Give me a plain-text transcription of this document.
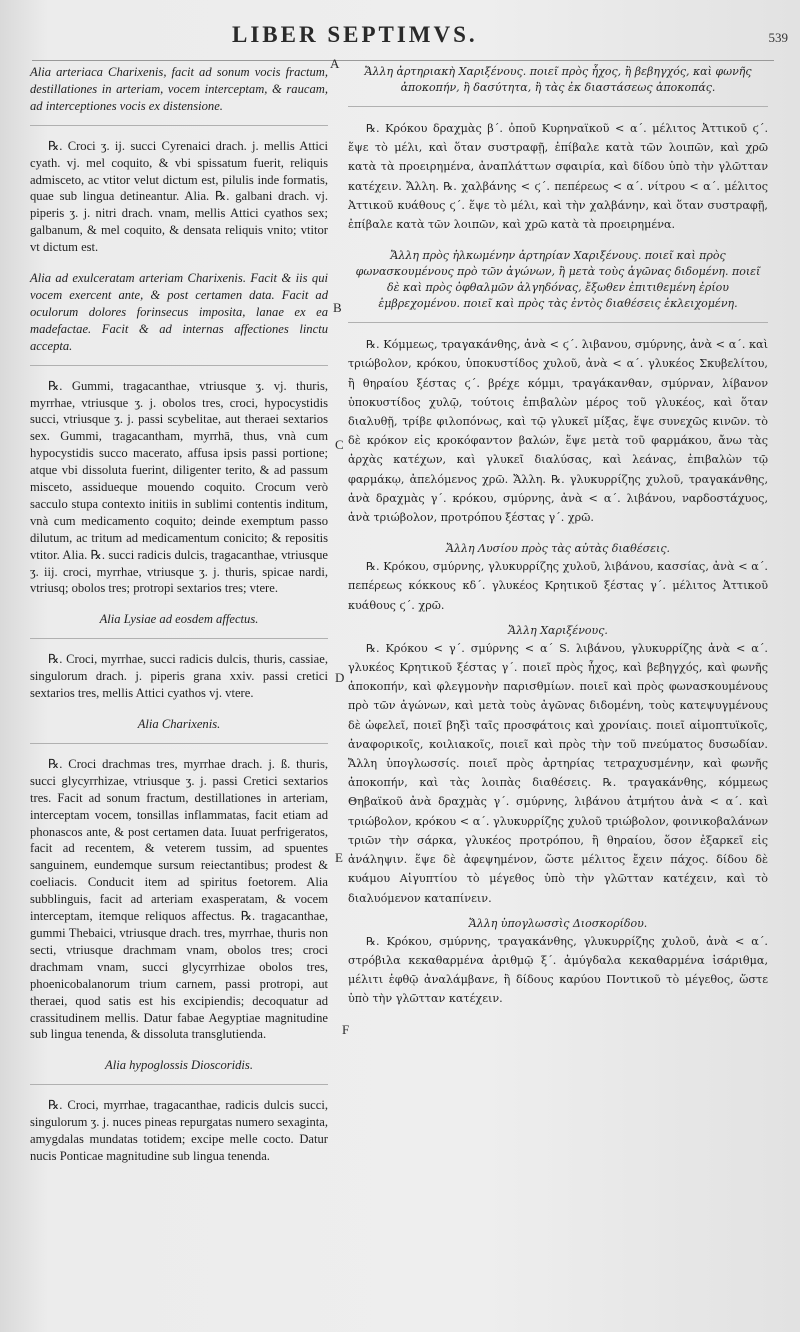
LIBER SEPTIMVS.	539
A
B
C
D
E
F

Alia arteriaca Charixenis, facit ad sonum vocis fractum, destillationes in arteriam, vocem interceptam, & raucam, ad interceptiones vocis ex distensione.

℞. Croci ʒ. ij. succi Cyrenaici drach. j. mellis Attici cyath. vj. mel coquito, & vbi spissatum fuerit, reliquis admisceto, ac vtitor velut dictum est, pilulis inde formatis, quae sub lingua detineantur. Alia. ℞. galbani drach. vj. piperis ʒ. j. nitri drach. vnam, mellis Attici cyathos sex; galbanum, & mel coquito, & densata reliquis vnito; vtitor vt dictum est.

Alia ad exulceratam arteriam Charixenis. Facit & iis qui vocem exercent ante, & post certamen data. Facit ad oculorum dolores forinsecus imposita, lanae ex ea madefactae. Facit & ad internas affectiones linctu accepta.

℞. Gummi, tragacanthae, vtriusque ʒ. vj. thuris, myrrhae, vtriusque ʒ. j. obolos tres, croci, hypocystidis succi, vtriusque ʒ. j. passi scybelitae, aut theraei sextarios sex. Gummi, tragacantham, myrrhā, thus, vnà cum hypocystidis succo macerato, affusa ipsis passi portione; atque vbi dissoluta fuerint, diligenter terito, & ad passum misceto, assidueque mouendo coquito. Crocum verò sacculo stupa contexto initiis in sublimi contentis inditum, vnà cum medicamento coquito; deinde exemptum passo dilutum, ac tritum ad medicamentum conicito; & repositis vtitor. Alia. ℞. succi radicis dulcis, tragacanthae, vtriusque ʒ. iij. croci, myrrhae, vtriusque ʒ. j. thuris, spicae nardi, vtriusq; obolos tres; protropi sextarios tres; vtere.

Alia Lysiae ad eosdem affectus.

℞. Croci, myrrhae, succi radicis dulcis, thuris, cassiae, singulorum drach. j. piperis grana xxiv. passi cretici sextarios tres, mellis Attici cyathos vj. vtere.

Alia Charixenis.

℞. Croci drachmas tres, myrrhae drach. j. ß. thuris, succi glycyrrhizae, vtriusque ʒ. j. passi Cretici sextarios tres. Facit ad sonum fractum, destillationes in arteriam, interceptam vocem, tonsillas inflammatas, facit etiam ad phonascos ante, & post certamen data. Iuuat perfrigeratos, facit ad recentem, & veterem tussim, ad spuentes sanguinem, eundemque sursum reiectantibus; prodest & coeliacis. Conducit item ad spiritus foetorem. Alia subblinguis, facit ad arteriam exasperatam, & vocem interceptam, itemque reliquos affectus. ℞. tragacanthae, gummi Thebaici, vtriusque drach. tres, myrrhae, thuris non secti, vtriusque drachmam vnam, obolos tres; croci drachmam vnam, succi glycyrrhizae obolos tres, phoenicobalanorum trium carnem, passi protropi, aut theraei, quod satis est his excipiendis; decoquatur ad crassitudinem mellis. Datur fabae Aegyptiae magnitudine sub lingua tenenda, & dissoluta transglutienda.

Alia hypoglossis Dioscoridis.

℞. Croci, myrrhae, tragacanthae, radicis dulcis succi, singulorum ʒ. j. nuces pineas repurgatas numero sexaginta, amygdalas mundatas totidem; excipe melle cocto. Datur nucis Ponticae magnitudine sub lingua tenenda.

Ἄλλη ἀρτηριακὴ Χαριξένους. ποιεῖ πρὸς ἦχος, ἢ βεβηγχός, καὶ φωνῆς ἀποκοπήν, ἢ δασύτητα, ἢ τὰς ἐκ διαστάσεως ἀποκοπάς.

℞. Κρόκου δραχμὰς β΄. ὀποῦ Κυρηναϊκοῦ < α΄. μέλιτος Ἀττικοῦ ϛ΄. ἕψε τὸ μέλι, καὶ ὅταν συστραφῇ, ἐπίβαλε κατὰ τῶν λοιπῶν, καὶ χρῶ κατὰ τὰ προειρημένα, ἀναπλάττων σφαιρία, καὶ δίδου ὑπὸ τὴν γλῶτταν κατέχειν. Ἄλλη. ℞. χαλβάνης < ϛ΄. πεπέρεως < α΄. νίτρου < α΄. μέλιτος Ἀττικοῦ κυάθους ϛ΄. ἕψε τὸ μέλι, καὶ τὴν χαλβάνην, καὶ ὅταν συστραφῇ, ἐπίβαλε κατὰ τῶν λοιπῶν, καὶ χρῶ κατὰ τὰ προειρημένα.

Ἄλλη πρὸς ἡλκωμένην ἀρτηρίαν Χαριξένους. ποιεῖ καὶ πρὸς φωνασκουμένους πρὸ τῶν ἀγώνων, ἢ μετὰ τοὺς ἀγῶνας διδομένη. ποιεῖ δὲ καὶ πρὸς ὀφθαλμῶν ἀλγηδόνας, ἔξωθεν ἐπιτιθεμένη ἐρίου ἐμβρεχομένου. ποιεῖ καὶ πρὸς τὰς ἐντὸς διαθέσεις ἐκλειχομένη.

℞. Κόμμεως, τραγακάνθης, ἀνὰ < ϛ΄. λιβανου, σμύρνης, ἀνὰ < α΄. καὶ τριώβολον, κρόκου, ὑποκυστίδος χυλοῦ, ἀνὰ < α΄. γλυκέος Σκυβελίτου, ἢ θηραίου ξέστας ϛ΄. βρέχε κόμμι, τραγάκανθαν, σμύρναν, λίβανον ὑποκυστίδος χυλῷ, τούτοις ἐπιβαλὼν μέρος τοῦ γλυκέος, καὶ ὅταν διαλυθῇ, τρίβε φιλοπόνως, καὶ τῷ γλυκεῖ μίξας, ἕψε συνεχῶς κινῶν. τὸ δὲ κρόκον εἰς κροκόφαντον βαλών, ἕψε μετὰ τοῦ φαρμάκου, ἄνω τὰς ἀρχὰς κατέχων, καὶ γλυκεῖ διαλύσας, καὶ λεάνας, ἐπιβαλὼν τῷ φαρμάκῳ, ἀπελόμενος χρῶ. Ἄλλη. ℞. γλυκυρρίζης χυλοῦ, τραγακάνθης, ἀνὰ δραχμὰς γ΄. κρόκου, σμύρνης, ἀνὰ < α΄. λιβάνου, ναρδοστάχυος, ἀνὰ τριώβολον, προτρόπου ξέστας γ΄. χρῶ.

Ἄλλη Λυσίου πρὸς τὰς αὐτὰς διαθέσεις.

℞. Κρόκου, σμύρνης, γλυκυρρίζης χυλοῦ, λιβάνου, κασσίας, ἀνὰ < α΄. πεπέρεως κόκκους κδ΄. γλυκέος Κρητικοῦ ξέστας γ΄. μέλιτος Ἀττικοῦ κυάθους ϛ΄. χρῶ.

Ἄλλη Χαριξένους.

℞. Κρόκου < γ΄. σμύρνης < α΄ S. λιβάνου, γλυκυρρίζης ἀνὰ < α΄. γλυκέος Κρητικοῦ ξέστας γ΄. ποιεῖ πρὸς ἦχος, καὶ βεβηγχός, καὶ φωνῆς ἀποκοπήν, καὶ φλεγμονὴν παρισθμίων. ποιεῖ καὶ πρὸς φωνασκουμένους πρὸ τῶν ἀγώνων, καὶ μετὰ τοὺς ἀγῶνας διδομένη, τοὺς κατεψυγμένους δὲ ὠφελεῖ, ποιεῖ βηξὶ ταῖς προσφάτοις καὶ χρονίαις. ποιεῖ αἱμοπτυϊκοῖς, ἀναφορικοῖς, κοιλιακοῖς, ποιεῖ καὶ πρὸς τὴν τοῦ πνεύματος δυσωδίαν. Ἄλλη ὑπογλωσσίς. ποιεῖ πρὸς ἀρτηρίας τετραχυσμένην, καὶ φωνῆς ἀποκοπήν, καὶ τὰς λοιπὰς διαθέσεις. ℞. τραγακάνθης, κόμμεως Θηβαϊκοῦ ἀνὰ δραχμὰς γ΄. σμύρνης, λιβάνου ἀτμήτου ἀνὰ < α΄. καὶ τριώβολον, κρόκου < α΄. γλυκυρρίζης χυλοῦ τριώβολον, φοινικοβαλάνων τριῶν τὴν σάρκα, γλυκέος προτρόπου, ἢ θηραίου, ὅσον ἐξαρκεῖ εἰς ἀνάληψιν. ἕψε δὲ ἀφεψημένον, ὥστε μέλιτος ἔχειν πάχος. δίδου δὲ κυάμου Αἰγυπτίου τὸ μέγεθος ὑπὸ τὴν γλῶτταν κατέχειν, καὶ τὸ διαλυόμενον καταπίνειν.

Ἄλλη ὑπογλωσσὶς Διοσκορίδου.

℞. Κρόκου, σμύρνης, τραγακάνθης, γλυκυρρίζης χυλοῦ, ἀνὰ < α΄. στρόβιλα κεκαθαρμένα ἀριθμῷ ξ΄. ἀμύγδαλα κεκαθαρμένα ἰσάριθμα, μέλιτι ἑφθῷ ἀναλάμβανε, ἢ δίδους καρύου Ποντικοῦ τὸ μέγεθος, ὥστε ὑπὸ τὴν γλῶτταν κατέχειν.
